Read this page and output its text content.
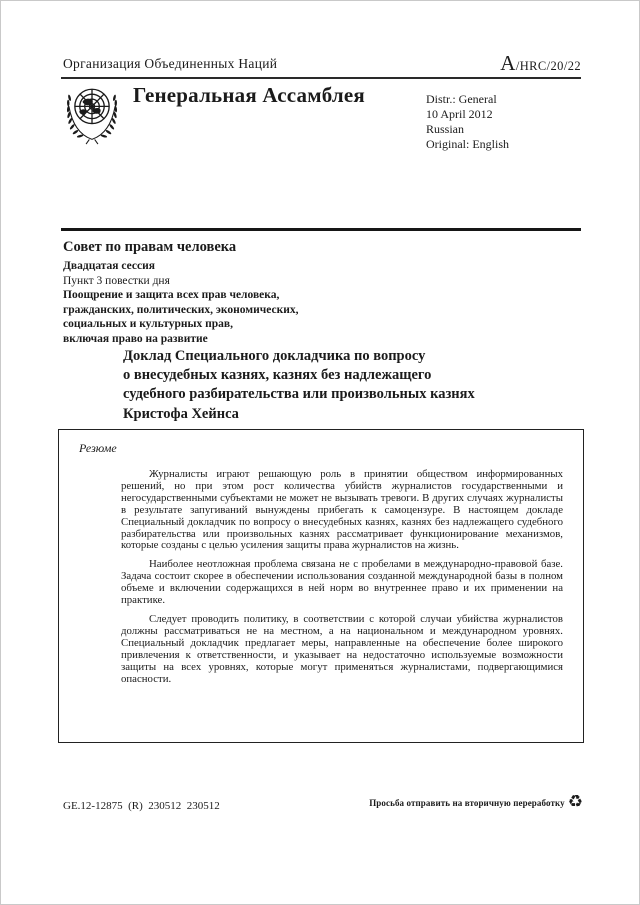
Организация Объединенных Наций	A/HRC/20/22
Генеральная Ассамблея	Distr.: General
10 April 2012
Russian
Original: English
Совет по правам человека
Двадцатая сессия
Пункт 3 повестки дня
Поощрение и защита всех прав человека,
гражданских, политических, экономических,
социальных и культурных прав,
включая право на развитие
Доклад Специального докладчика по вопросу
о внесудебных казнях, казнях без надлежащего
судебного разбирательства или произвольных казнях
Кристофа Хейнса
Резюме

Журналисты играют решающую роль в принятии обществом информированных решений, но при этом рост количества убийств журналистов государственными и негосударственными субъектами не может не вызывать тревоги. В других случаях журналисты в результате запугиваний вынуждены прибегать к самоцензуре. В настоящем докладе Специальный докладчик по вопросу о внесудебных казнях, казнях без надлежащего судебного разбирательства или произвольных казнях рассматривает функционирование механизмов, которые созданы с целью усиления защиты права журналистов на жизнь.

Наиболее неотложная проблема связана не с пробелами в международно-правовой базе. Задача состоит скорее в обеспечении использования созданной международной базы в полном объеме и включении содержащихся в ней норм во внутреннее право и их применении на практике.

Следует проводить политику, в соответствии с которой случаи убийства журналистов должны рассматриваться не на местном, а на национальном и международном уровнях. Специальный докладчик предлагает меры, направленные на обеспечение более широкого привлечения к ответственности, и указывает на недостаточно используемые возможности защиты на всех уровнях, которые могут применяться журналистами, подвергающимися опасности.

GE.12-12875  (R)  230512  230512	Просьба отправить на вторичную переработку ♻
